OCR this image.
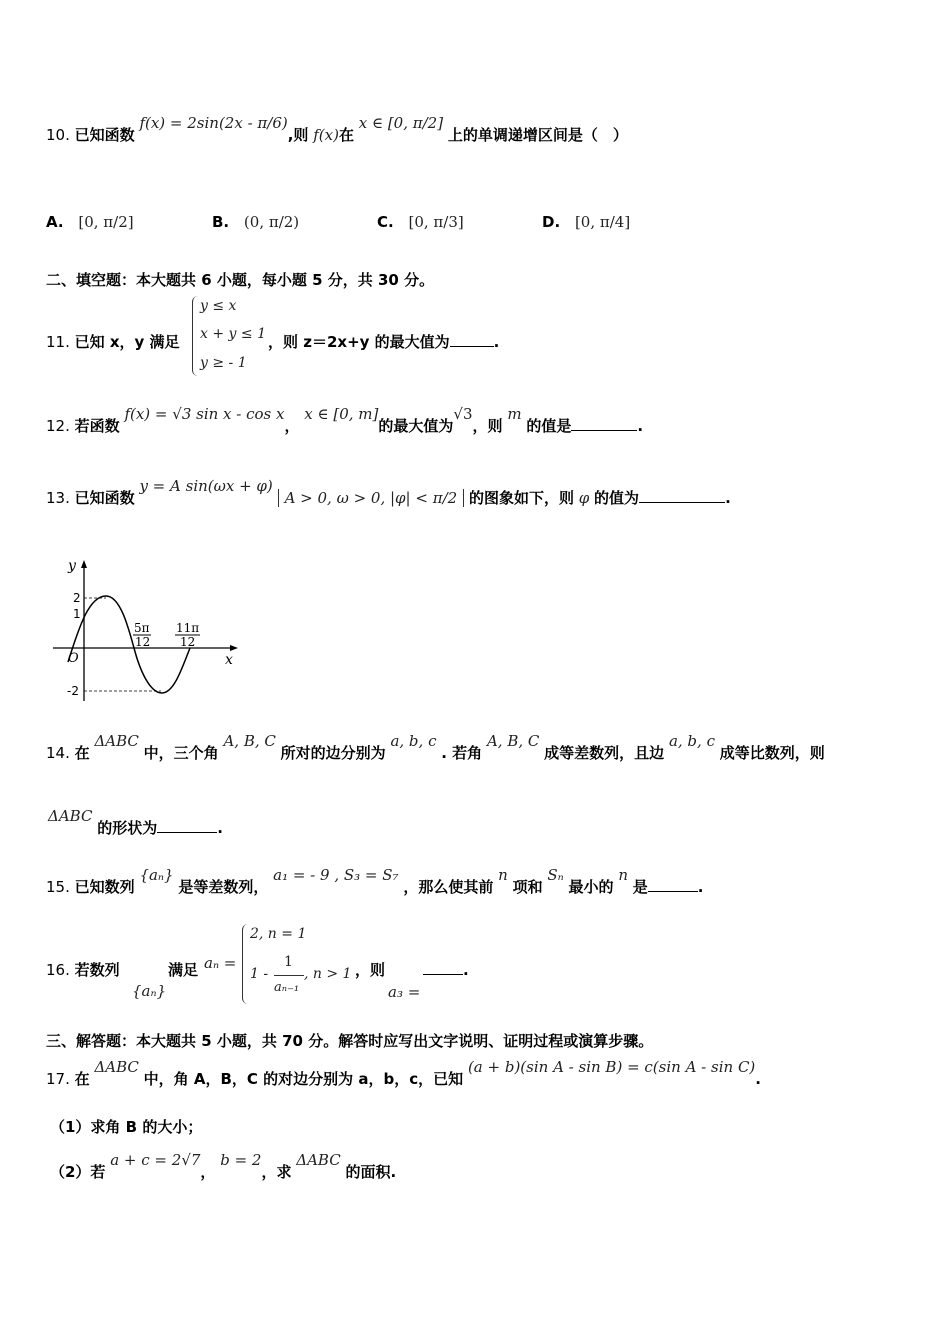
10. 已知函数 f(x) = 2sin(2x - π/6),则 f(x)在 x ∈ [0, π/2] 上的单调递增区间是（　）
A. [0, π/2]	B. (0, π/2)	C. [0, π/3]	D. [0, π/4]
二、填空题：本大题共 6 小题，每小题 5 分，共 30 分。
y ≤ x
x + y ≤ 1
y ≥ - 1
11. 已知 x，y 满足	，则 z＝2x+y 的最大值为	.
12. 若函数 f(x) = √3 sin x - cos x， x ∈ [0, m]的最大值为√3，则 m 的值是	.
13. 已知函数 y = A sin(ωx + φ) A > 0, ω > 0, |φ| < π/2 的图象如下，则 φ 的值为	.
y
x
O
2
1
-2
5π
12
11π
12
14. 在 ΔABC 中，三个角 A, B, C 所对的边分别为 a, b, c . 若角 A, B, C 成等差数列，且边 a, b, c 成等比数列，则
ΔABC 的形状为	.
15. 已知数列 {aₙ} 是等差数列， a₁ = - 9 , S₃ = S₇ ，那么使其前 n 项和 Sₙ 最小的 n 是	.
16. 若数列
{aₙ}
满足 aₙ =
2, n = 1
1 -
1
aₙ₋₁
, n > 1 ，则
a₃ =
.
三、解答题：本大题共 5 小题，共 70 分。解答时应写出文字说明、证明过程或演算步骤。
17. 在 ΔABC 中，角 A，B，C 的对边分别为 a，b，c，已知 (a + b)(sin A - sin B) = c(sin A - sin C).
（1）求角 B 的大小；
（2）若 a + c = 2√7， b = 2，求 ΔABC 的面积.
